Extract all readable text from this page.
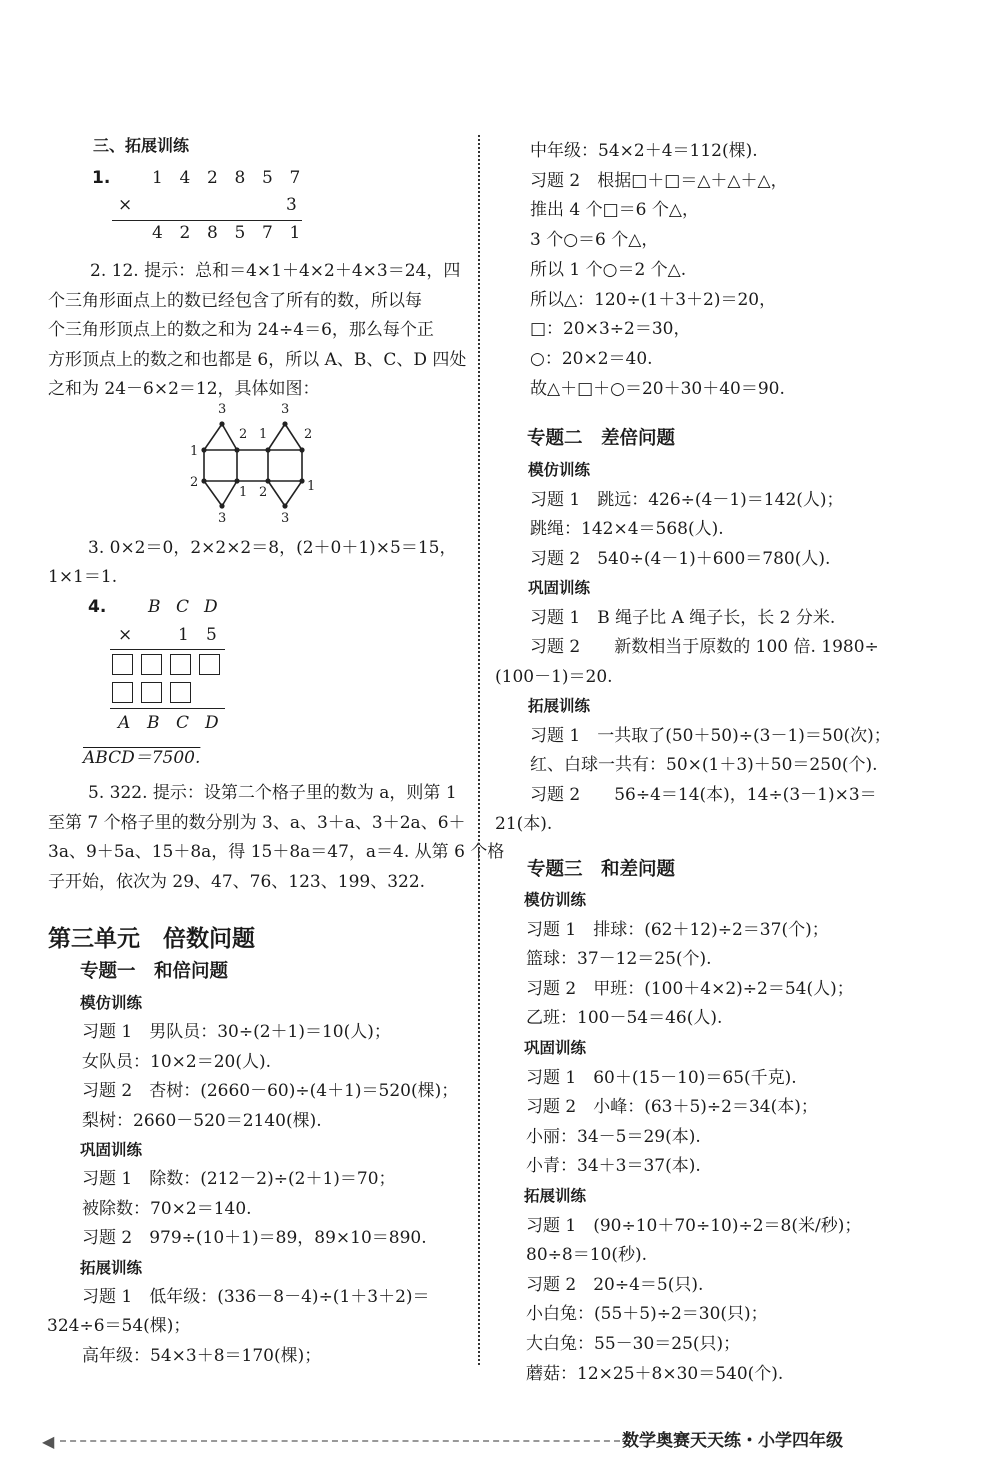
三、拓展训练
1. 1 4 2 8 5 7
×	3
4 2 8 5 7 1
2. 12. 提示：总和＝4×1＋4×2＋4×3＝24，四
个三角形面点上的数已经包含了所有的数，所以每
个三角形顶点上的数之和为 24÷4＝6，那么每个正
方形顶点上的数之和也都是 6，所以 A、B、C、D 四处
之和为 24－6×2＝12，具体如图：
3	3
1
2 1	2
2
1 2	1
3	3
3. 0×2＝0，2×2×2＝8，(2＋0＋1)×5＝15，
1×1＝1.
4. B C D
×	1 5
A B C D
ABCD＝7500.
5. 322. 提示：设第二个格子里的数为 a，则第 1
至第 7 个格子里的数分别为 3、a、3＋a、3＋2a、6＋
3a、9＋5a、15＋8a，得 15＋8a＝47，a＝4. 从第 6 个格
子开始，依次为 29、47、76、123、199、322.
第三单元　倍数问题
专题一　和倍问题
模仿训练
习题 1　男队员：30÷(2＋1)＝10(人)；
女队员：10×2＝20(人).
习题 2　杏树：(2660－60)÷(4＋1)＝520(棵)；
梨树：2660－520＝2140(棵).
巩固训练
习题 1　除数：(212－2)÷(2＋1)＝70；
被除数：70×2＝140.
习题 2　979÷(10＋1)＝89，89×10＝890.
拓展训练
习题 1　低年级：(336－8－4)÷(1＋3＋2)＝
324÷6＝54(棵)；
高年级：54×3＋8＝170(棵)；
中年级：54×2＋4＝112(棵).
习题 2　根据□＋□＝△＋△＋△，
推出 4 个□＝6 个△，
3 个○＝6 个△，
所以 1 个○＝2 个△.
所以△：120÷(1＋3＋2)＝20，
□：20×3÷2＝30，
○：20×2＝40.
故△＋□＋○＝20＋30＋40＝90.
专题二　差倍问题
模仿训练
习题 1　跳远：426÷(4－1)＝142(人)；
跳绳：142×4＝568(人).
习题 2　540÷(4－1)＋600＝780(人).
巩固训练
习题 1　B 绳子比 A 绳子长，长 2 分米.
习题 2　　新数相当于原数的 100 倍. 1980÷
(100－1)＝20.
拓展训练
习题 1　一共取了(50＋50)÷(3－1)＝50(次)；
红、白球一共有：50×(1＋3)＋50＝250(个).
习题 2　　56÷4＝14(本)，14÷(3－1)×3＝
21(本).
专题三　和差问题
模仿训练
习题 1　排球：(62＋12)÷2＝37(个)；
篮球：37－12＝25(个).
习题 2　甲班：(100＋4×2)÷2＝54(人)；
乙班：100－54＝46(人).
巩固训练
习题 1　60＋(15－10)＝65(千克).
习题 2　小峰：(63＋5)÷2＝34(本)；
小丽：34－5＝29(本).
小青：34＋3＝37(本).
拓展训练
习题 1　(90÷10＋70÷10)÷2＝8(米/秒)；
80÷8＝10(秒).
习题 2　20÷4＝5(只).
小白兔：(55＋5)÷2＝30(只)；
大白兔：55－30＝25(只)；
蘑菇：12×25＋8×30＝540(个).
◀	数学奥赛天天练・小学四年级
